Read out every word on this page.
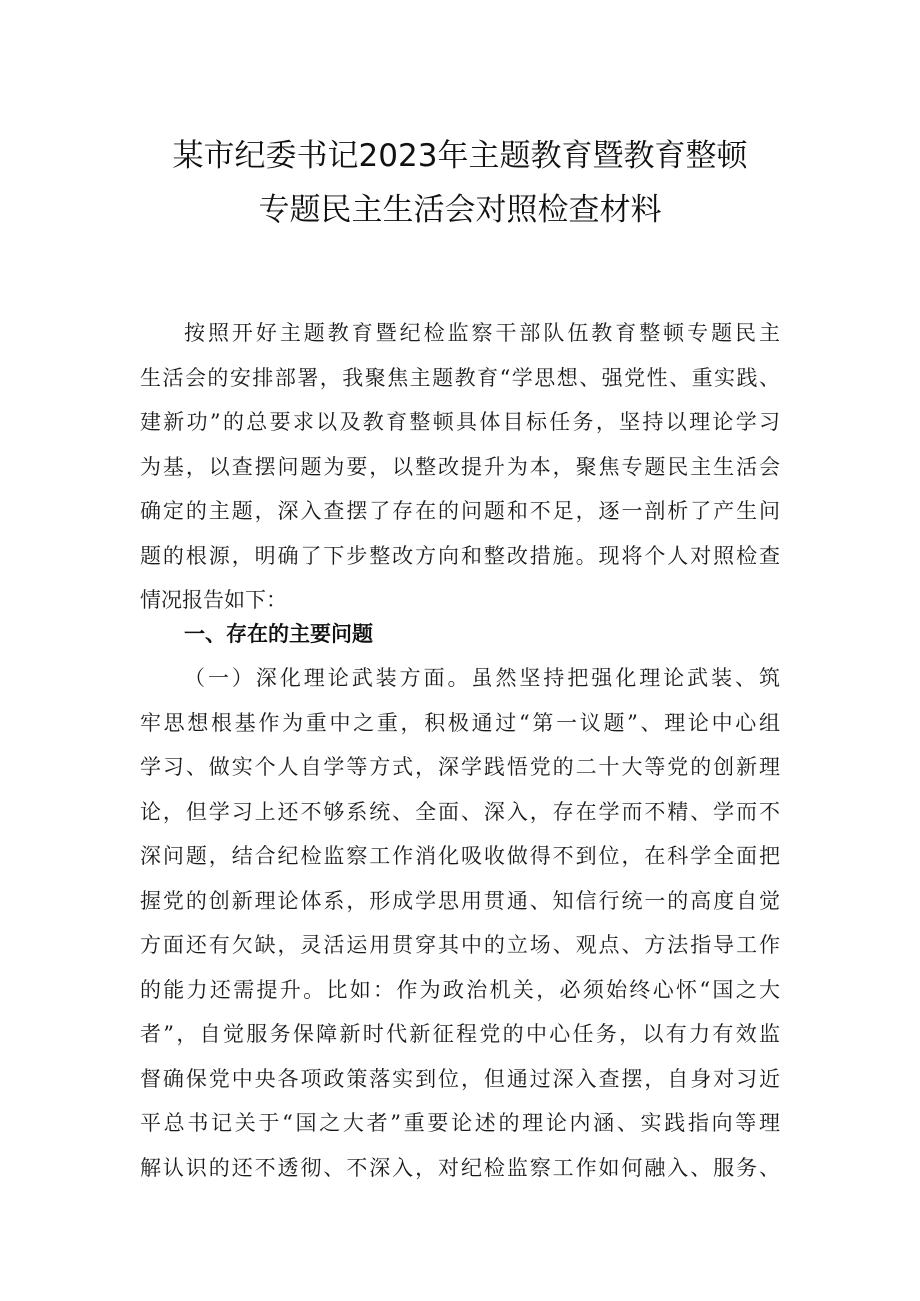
某市纪委书记2023年主题教育暨教育整顿
专题民主生活会对照检查材料
按照开好主题教育暨纪检监察干部队伍教育整顿专题民主
生活会的安排部署，我聚焦主题教育“学思想、强党性、重实践、
建新功”的总要求以及教育整顿具体目标任务，坚持以理论学习
为基，以查摆问题为要，以整改提升为本，聚焦专题民主生活会
确定的主题，深入查摆了存在的问题和不足，逐一剖析了产生问
题的根源，明确了下步整改方向和整改措施。现将个人对照检查
情况报告如下：
一、存在的主要问题
（一）深化理论武装方面。虽然坚持把强化理论武装、筑
牢思想根基作为重中之重，积极通过“第一议题”、理论中心组
学习、做实个人自学等方式，深学践悟党的二十大等党的创新理
论，但学习上还不够系统、全面、深入，存在学而不精、学而不
深问题，结合纪检监察工作消化吸收做得不到位，在科学全面把
握党的创新理论体系，形成学思用贯通、知信行统一的高度自觉
方面还有欠缺，灵活运用贯穿其中的立场、观点、方法指导工作
的能力还需提升。比如：作为政治机关，必须始终心怀“国之大
者”，自觉服务保障新时代新征程党的中心任务，以有力有效监
督确保党中央各项政策落实到位，但通过深入查摆，自身对习近
平总书记关于“国之大者”重要论述的理论内涵、实践指向等理
解认识的还不透彻、不深入，对纪检监察工作如何融入、服务、
